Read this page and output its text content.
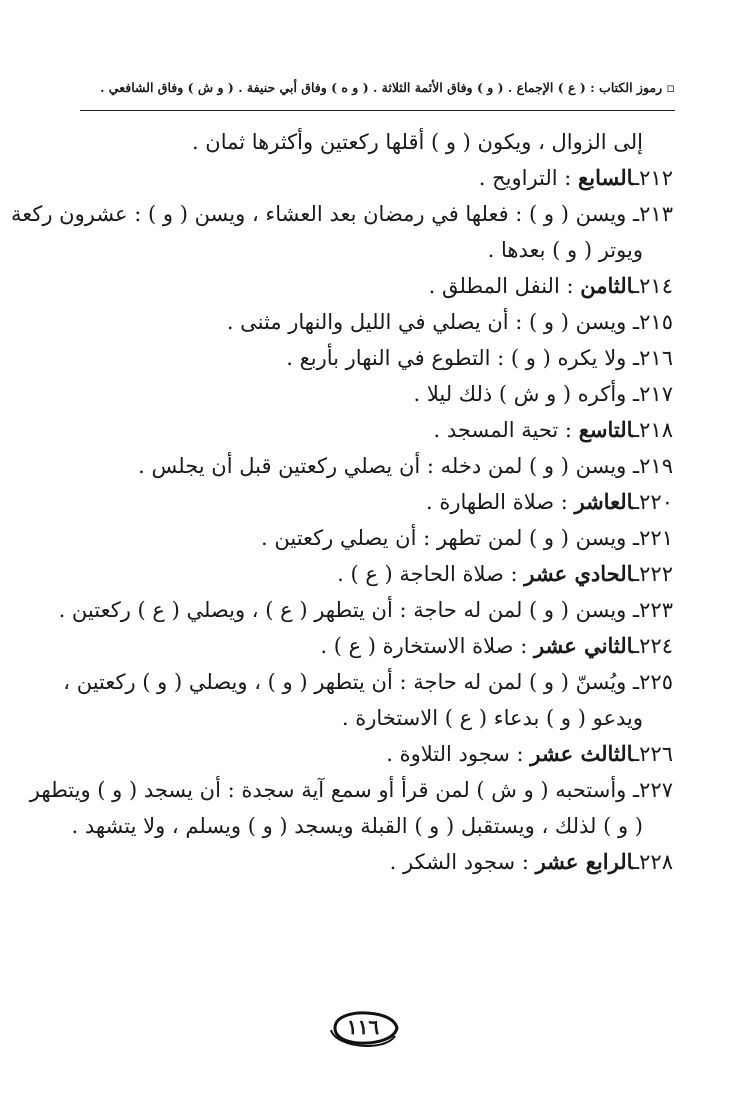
▫ رموز الكتاب : ( ع ) الإجماع . ( و ) وفاق الأئمة الثلاثة . ( و ه ) وفاق أبي حنيفة . ( و ش ) وفاق الشافعي .
إلى الزوال ، ويكون ( و ) أقلها ركعتين وأكثرها ثمان .
٢١٢ـالسابع : التراويح .
٢١٣ـ ويسن ( و ) : فعلها في رمضان بعد العشاء ، ويسن ( و ) : عشرون ركعة
ويوتر ( و ) بعدها .
٢١٤ـالثامن : النفل المطلق .
٢١٥ـ ويسن ( و ) : أن يصلي في الليل والنهار مثنى .
٢١٦ـ ولا يكره ( و ) : التطوع في النهار بأربع .
٢١٧ـ وأكره ( و ش ) ذلك ليلا .
٢١٨ـالتاسع : تحية المسجد .
٢١٩ـ ويسن ( و ) لمن دخله : أن يصلي ركعتين قبل أن يجلس .
٢٢٠ـالعاشر : صلاة الطهارة .
٢٢١ـ ويسن ( و ) لمن تطهر : أن يصلي ركعتين .
٢٢٢ـالحادي عشر : صلاة الحاجة ( ع ) .
٢٢٣ـ ويسن ( و ) لمن له حاجة : أن يتطهر ( ع ) ، ويصلي ( ع ) ركعتين .
٢٢٤ـالثاني عشر : صلاة الاستخارة ( ع ) .
٢٢٥ـ ويُسنّ ( و ) لمن له حاجة : أن يتطهر ( و ) ، ويصلي ( و ) ركعتين ،
ويدعو ( و ) بدعاء ( ع ) الاستخارة .
٢٢٦ـالثالث عشر : سجود التلاوة .
٢٢٧ـ وأستحبه ( و ش ) لمن قرأ أو سمع آية سجدة : أن يسجد ( و ) ويتطهر
( و ) لذلك ، ويستقبل ( و ) القبلة ويسجد ( و ) ويسلم ، ولا يتشهد .
٢٢٨ـالرابع عشر : سجود الشكر .
١١٦
